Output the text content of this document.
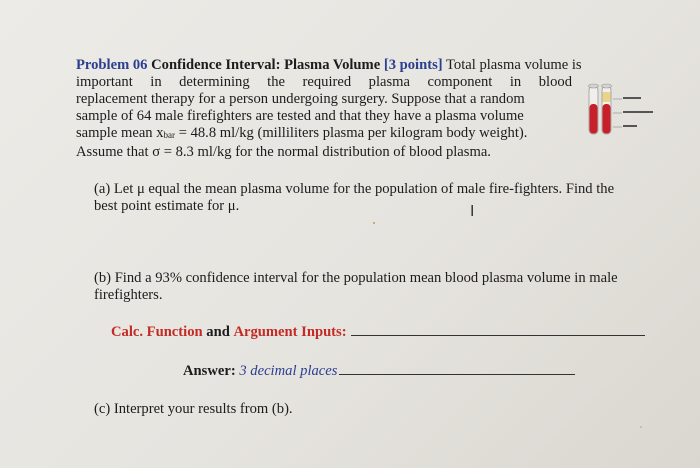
Problem 06 Confidence Interval: Plasma Volume [3 points] Total plasma volume is
important in determining the required plasma component in blood
replacement therapy for a person undergoing surgery. Suppose that a random
sample of 64 male firefighters are tested and that they have a plasma volume
sample mean $x_{bar} = 48.8$ ml/kg (milliliters plasma per kilogram body weight).
Assume that σ = 8.3 ml/kg for the normal distribution of blood plasma.
(a) Let μ equal the mean plasma volume for the population of male fire-fighters. Find the
best point estimate for μ.	I
(b) Find a 93% confidence interval for the population mean blood plasma volume in male
firefighters.
Calc. Function and Argument Inputs:
Answer: 3 decimal places
(c) Interpret your results from (b).
